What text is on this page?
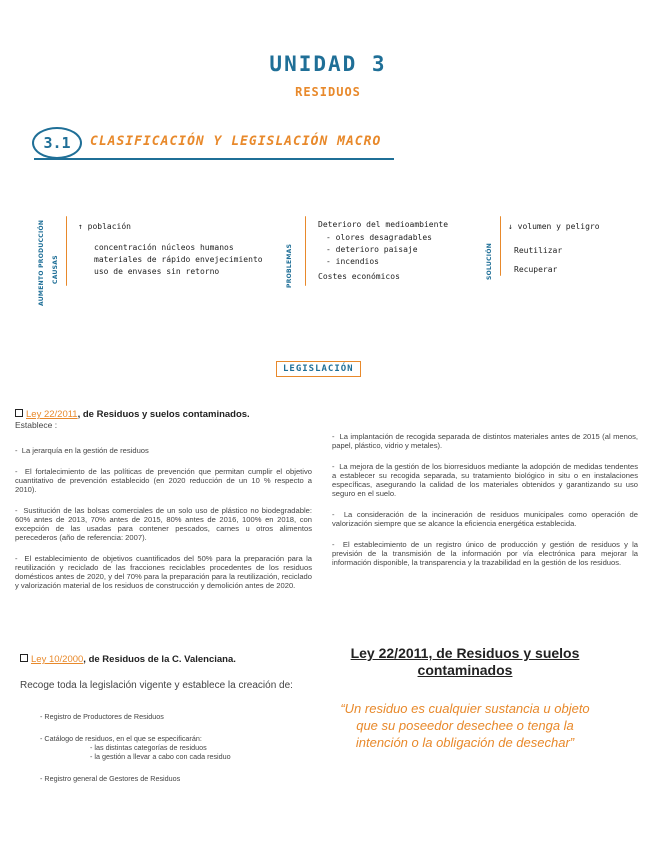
UNIDAD 3
RESIDUOS
3.1	CLASIFICACIÓN Y LEGISLACIÓN MACRO
AUMENTO PRODUCCIÓN CAUSAS
↑ población
concentración núcleos humanos
materiales de rápido envejecimiento
uso de envases sin retorno	PROBLEMAS
Deterioro del medioambiente
- olores desagradables
- deterioro paisaje
- incendios
Costes económicos	SOLUCIÓN
↓ volumen y peligro
Reutilizar
Recuperar
LEGISLACIÓN
Ley 22/2011, de Residuos y suelos contaminados.
Establece :
-  La jerarquía en la gestión de residuos
-  El fortalecimiento de las políticas de prevención que permitan cumplir el objetivo cuantitativo de prevención establecido (en 2020 reducción de un 10 % respecto a 2010).
-  Sustitución de las bolsas comerciales de un solo uso de plástico no biodegradable: 60% antes de 2013, 70% antes de 2015, 80% antes de 2016, 100% en 2018, con excepción de las usadas para contener pescados, carnes u otros alimentos perecederos (año de referencia: 2007).
-  El establecimiento de objetivos cuantificados del 50% para la preparación para la reutilización y reciclado de las fracciones reciclables procedentes de los residuos domésticos antes de 2020, y del 70% para la preparación para la reutilización, reciclado y valorización material de los residuos de construcción y demolición antes de 2020.
-  La implantación de recogida separada de distintos materiales antes de 2015 (al menos, papel, plástico, vidrio y metales).
-  La mejora de la gestión de los biorresiduos mediante la adopción de medidas tendentes a establecer su recogida separada, su tratamiento biológico in situ o en instalaciones específicas, asegurando la calidad de los materiales obtenidos y garantizando su uso seguro en el suelo.
-  La consideración de la incineración de residuos municipales como operación de valorización siempre que se alcance la eficiencia energética establecida.
-  El establecimiento de un registro único de producción y gestión de residuos y la previsión de la transmisión de la información por vía electrónica para mejorar la información disponible, la transparencia y la trazabilidad en la gestión de los residuos.
Ley 10/2000, de Residuos de la C. Valenciana.
Recoge toda la legislación vigente y establece la creación de:
- Registro de Productores de Residuos
- Catálogo de residuos, en el que se especificarán:
- las distintas categorías de residuos
- la gestión a llevar a cabo con cada residuo
- Registro general de Gestores de Residuos
Ley 22/2011, de Residuos y suelos contaminados
“Un residuo es cualquier sustancia u objeto que su poseedor desechee o tenga la intención o la obligación de desechar”
